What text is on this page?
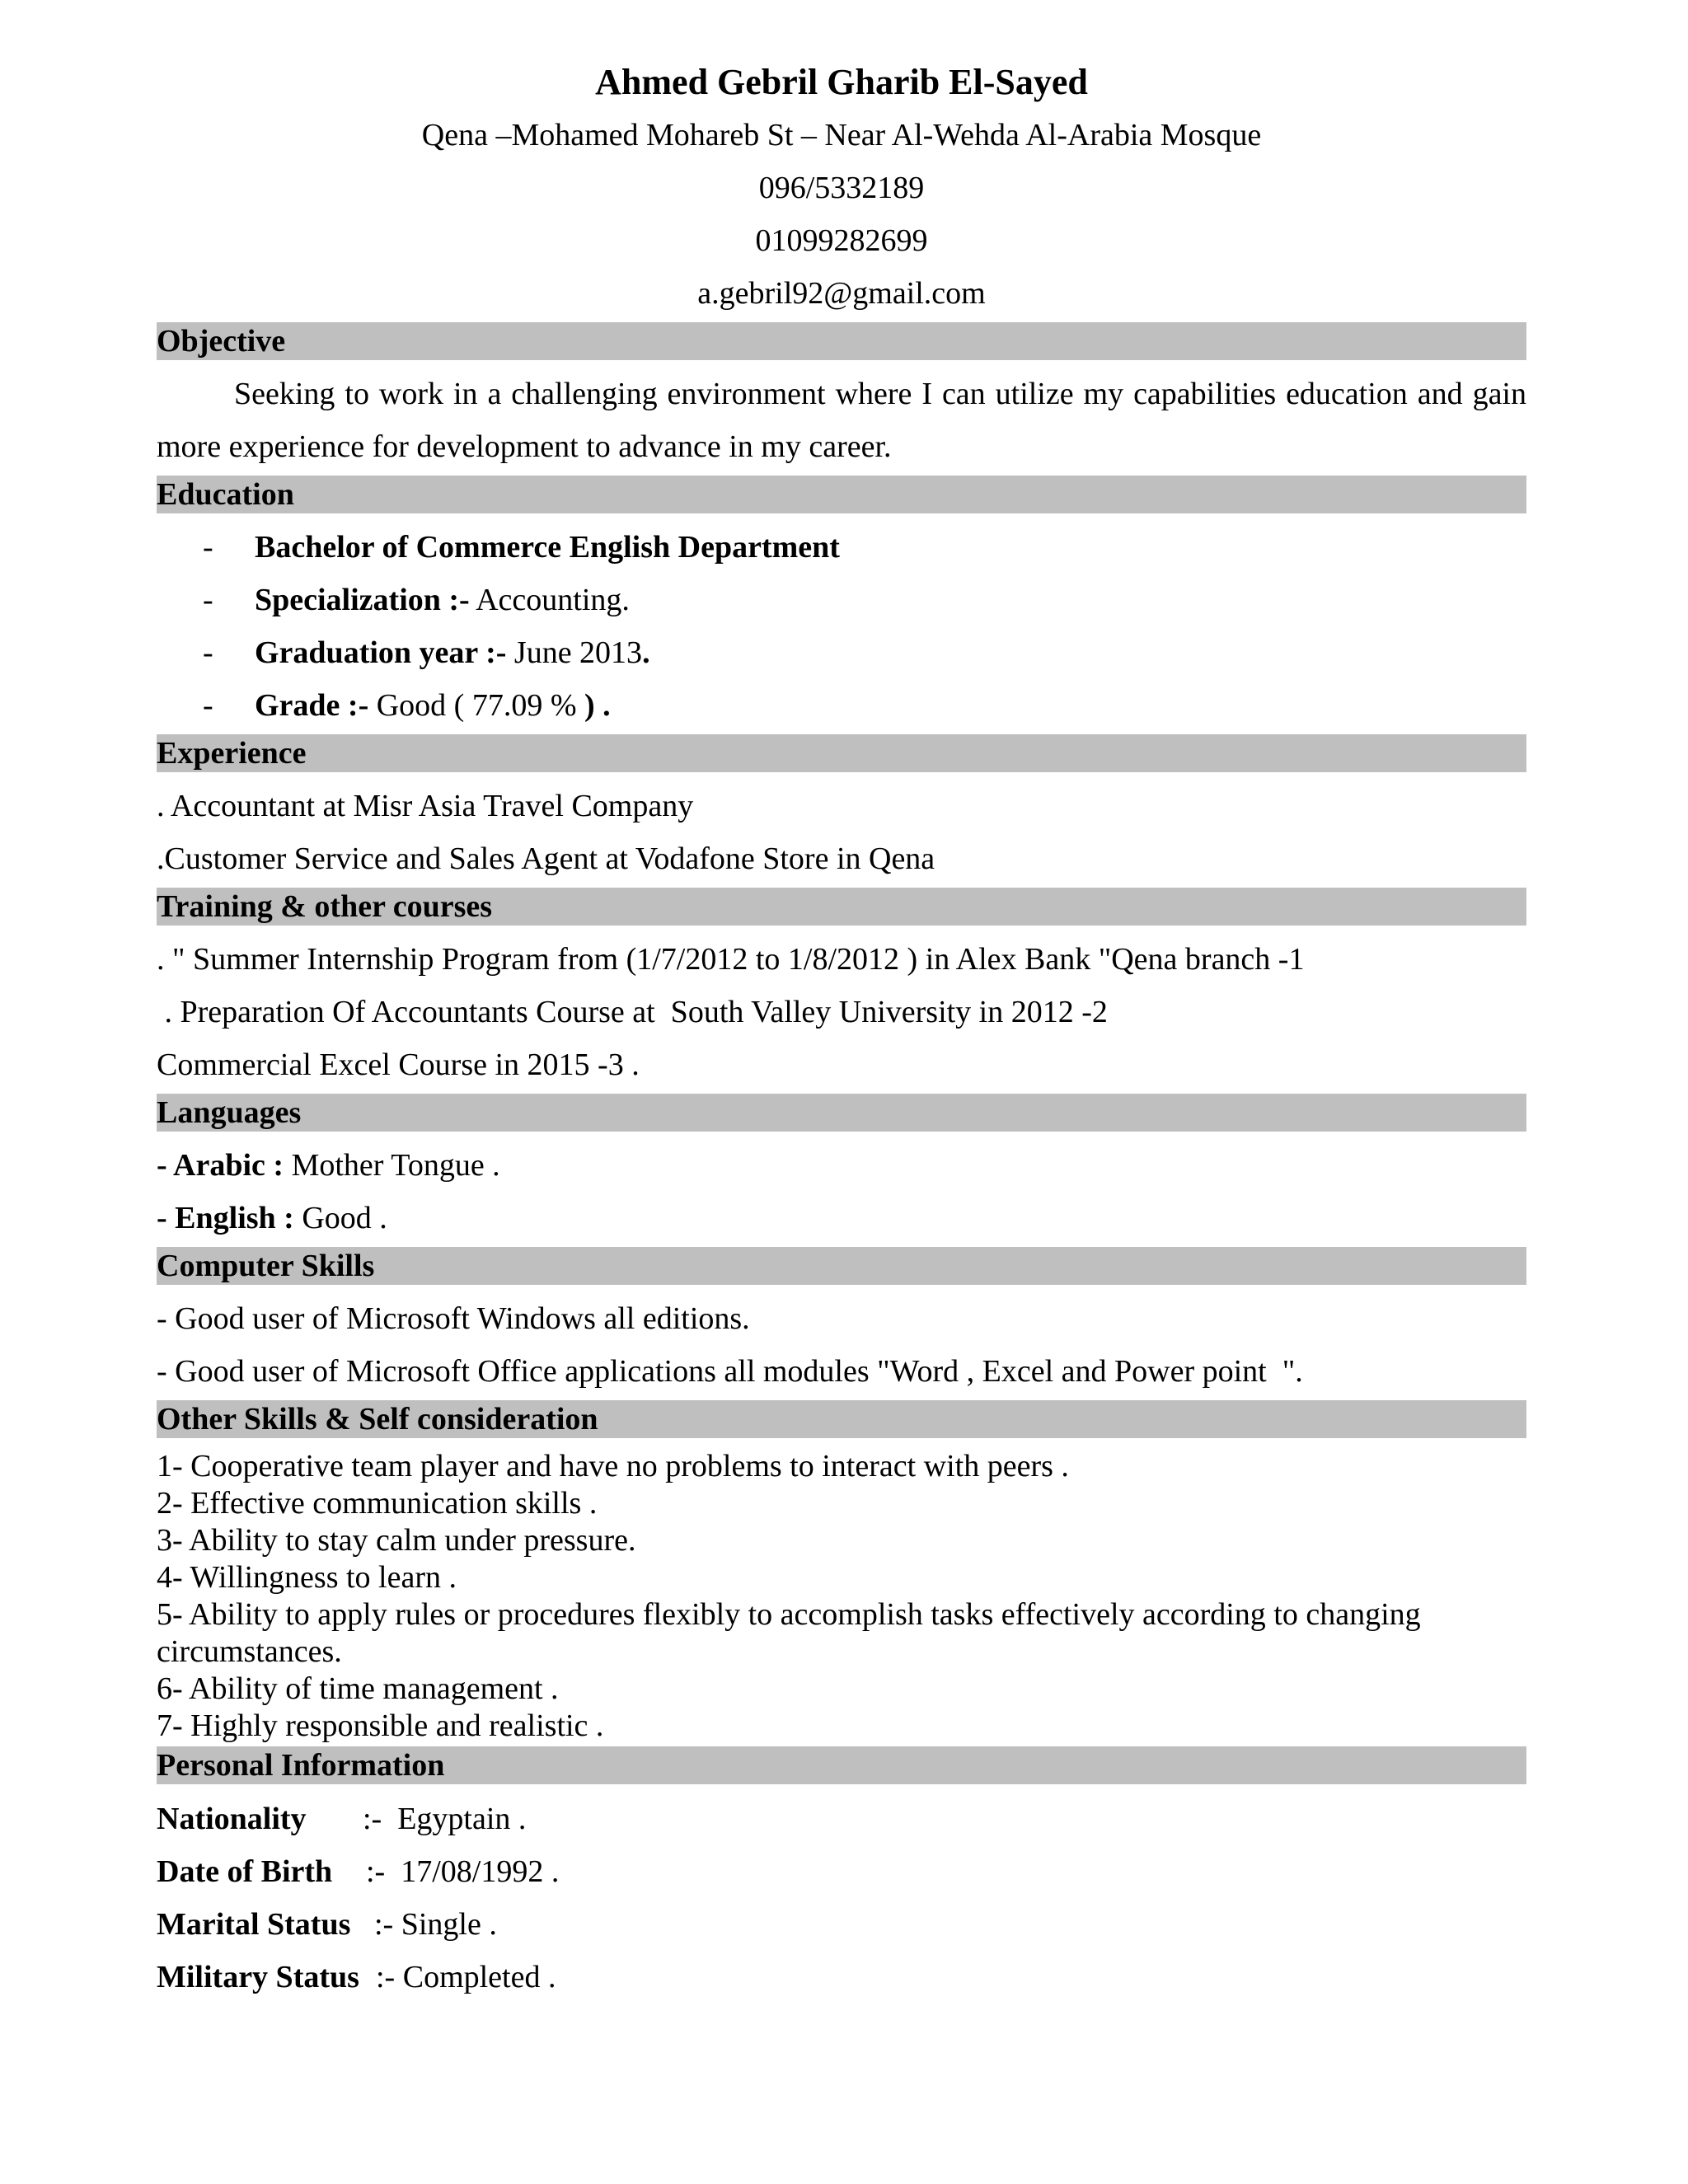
Ahmed Gebril Gharib El-Sayed
Qena –Mohamed Mohareb St – Near Al-Wehda Al-Arabia Mosque
096/5332189
01099282699
a.gebril92@gmail.com
Objective
Seeking to work in a challenging environment where I can utilize my capabilities education and gain more experience for development to advance in my career.
Education
- Bachelor of Commerce English Department
- Specialization :- Accounting.
- Graduation year :- June 2013.
- Grade :- Good ( 77.09 % ) .
Experience
. Accountant at Misr Asia Travel Company
.Customer Service and Sales Agent at Vodafone Store in Qena
Training & other courses
. " Summer Internship Program from (1/7/2012 to 1/8/2012 ) in Alex Bank "Qena branch -1
. Preparation Of Accountants Course at  South Valley University in 2012 -2
Commercial Excel Course in 2015 -3 .
Languages
- Arabic : Mother Tongue .
- English : Good .
Computer Skills
- Good user of Microsoft Windows all editions.
- Good user of Microsoft Office applications all modules "Word , Excel and Power point  ".
Other Skills & Self consideration
1- Cooperative team player and have no problems to interact with peers .
2- Effective communication skills .
3- Ability to stay calm under pressure.
4- Willingness to learn .
5- Ability to apply rules or procedures flexibly to accomplish tasks effectively according to changing circumstances.
6- Ability of time management .
7- Highly responsible and realistic .
Personal Information
Nationality :-  Egyptain .
Date of Birth :-  17/08/1992 .
Marital Status :- Single .
Military Status :- Completed .
